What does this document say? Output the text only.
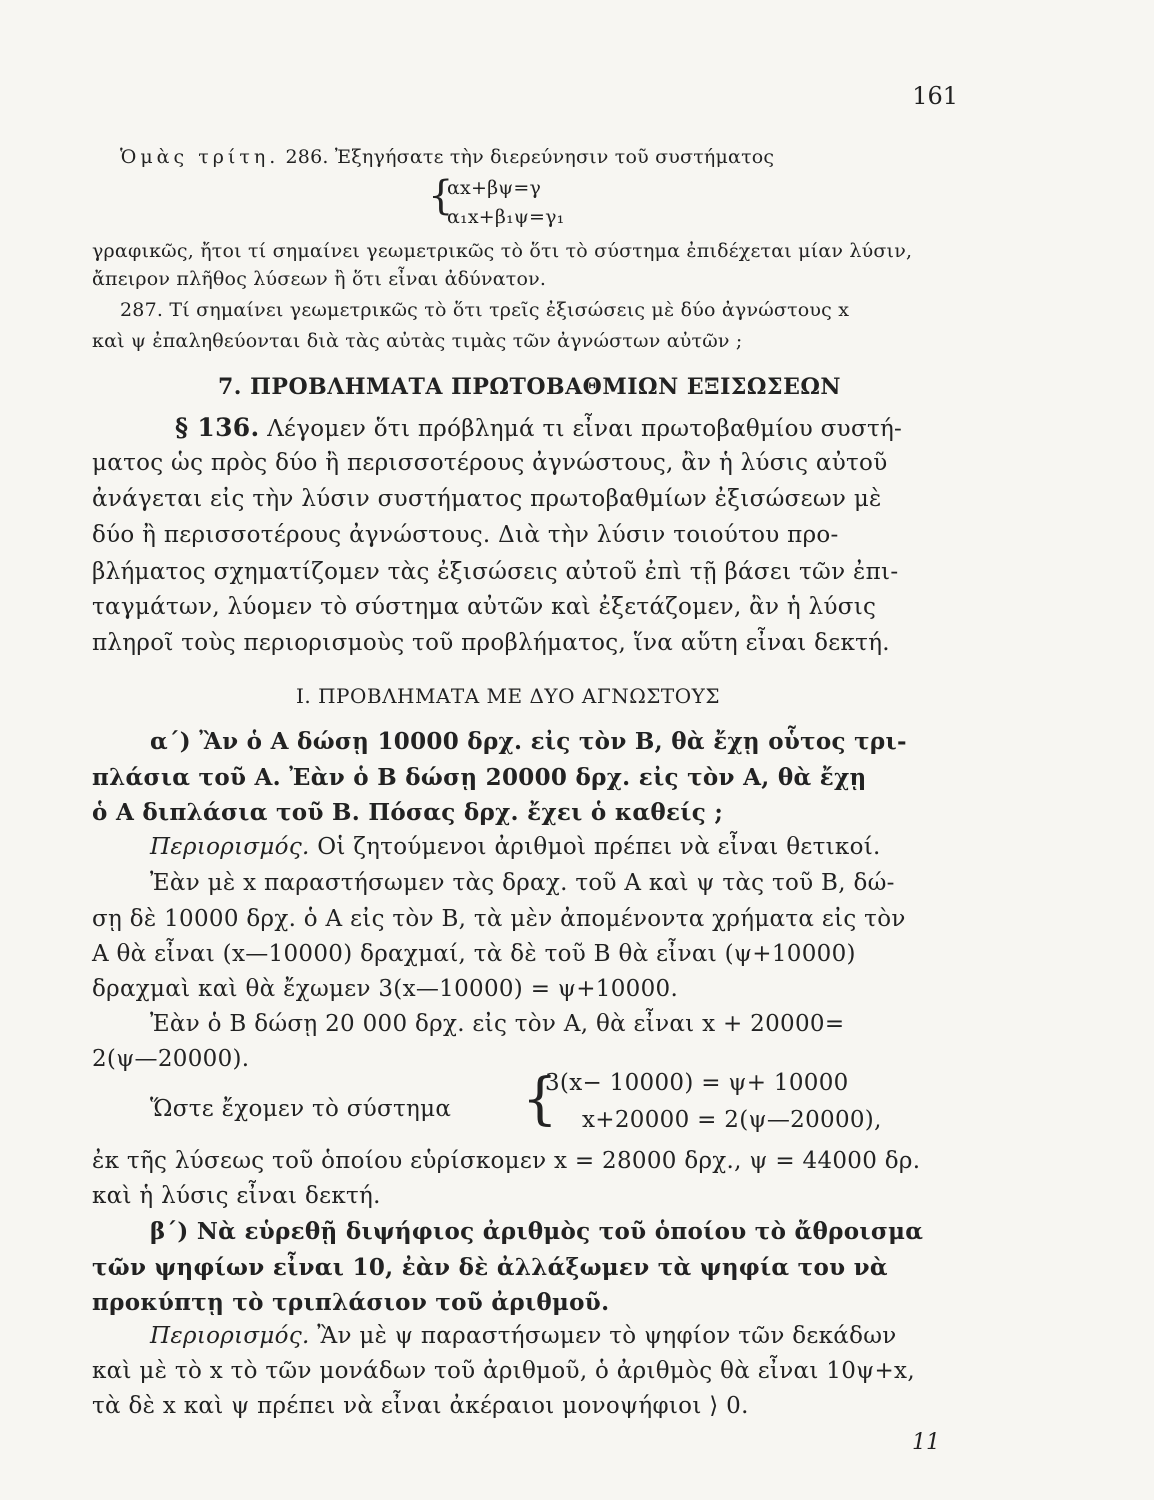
161
Ὁμὰς τρίτη. 286. Ἐξηγήσατε τὴν διερεύνησιν τοῦ συστήματος
{
αx+βψ=γ
α₁x+β₁ψ=γ₁
γραφικῶς, ἤτοι τί σημαίνει γεωμετρικῶς τὸ ὅτι τὸ σύστημα ἐπιδέχεται μίαν λύσιν,
ἄπειρον πλῆθος λύσεων ἢ ὅτι εἶναι ἀδύνατον.
287. Τί σημαίνει γεωμετρικῶς τὸ ὅτι τρεῖς ἐξισώσεις μὲ δύο ἀγνώστους x
καὶ ψ ἐπαληθεύονται διὰ τὰς αὐτὰς τιμὰς τῶν ἀγνώστων αὐτῶν ;
7. ΠΡΟΒΛΗΜΑΤΑ ΠΡΩΤΟΒΑΘΜΙΩΝ ΕΞΙΣΩΣΕΩΝ
§ 136. Λέγομεν ὅτι πρόβλημά τι εἶναι πρωτοβαθμίου συστή-
ματος ὡς πρὸς δύο ἢ περισσοτέρους ἀγνώστους, ἂν ἡ λύσις αὐτοῦ
ἀνάγεται εἰς τὴν λύσιν συστήματος πρωτοβαθμίων ἐξισώσεων μὲ
δύο ἢ περισσοτέρους ἀγνώστους. Διὰ τὴν λύσιν τοιούτου προ-
βλήματος σχηματίζομεν τὰς ἐξισώσεις αὐτοῦ ἐπὶ τῇ βάσει τῶν ἐπι-
ταγμάτων, λύομεν τὸ σύστημα αὐτῶν καὶ ἐξετάζομεν, ἂν ἡ λύσις
πληροῖ τοὺς περιορισμοὺς τοῦ προβλήματος, ἵνα αὕτη εἶναι δεκτή.
Ι. ΠΡΟΒΛΗΜΑΤΑ ΜΕ ΔΥΟ ΑΓΝΩΣΤΟΥΣ
α΄) Ἂν ὁ Α δώσῃ 10000 δρχ. εἰς τὸν Β, θὰ ἔχῃ οὗτος τρι-
πλάσια τοῦ Α. Ἐὰν ὁ Β δώσῃ 20000 δρχ. εἰς τὸν Α, θὰ ἔχῃ
ὁ Α διπλάσια τοῦ Β. Πόσας δρχ. ἔχει ὁ καθείς ;
Περιορισμός. Οἱ ζητούμενοι ἀριθμοὶ πρέπει νὰ εἶναι θετικοί.
Ἐὰν μὲ x παραστήσωμεν τὰς δραχ. τοῦ Α καὶ ψ τὰς τοῦ Β, δώ-
σῃ δὲ 10000 δρχ. ὁ Α εἰς τὸν Β, τὰ μὲν ἀπομένοντα χρήματα εἰς τὸν
Α θὰ εἶναι (x—10000) δραχμαί, τὰ δὲ τοῦ Β θὰ εἶναι (ψ+10000)
δραχμαὶ καὶ θὰ ἔχωμεν 3(x—10000) = ψ+10000.
Ἐὰν ὁ Β δώσῃ 20 000 δρχ. εἰς τὸν Α, θὰ εἶναι x + 20000=
2(ψ—20000).
Ὥστε ἔχομεν τὸ σύστημα {
3(x− 10000) = ψ+ 10000
x+20000 = 2(ψ—20000),
ἐκ τῆς λύσεως τοῦ ὁποίου εὑρίσκομεν x = 28000 δρχ., ψ = 44000 δρ.
καὶ ἡ λύσις εἶναι δεκτή.
β΄) Νὰ εὑρεθῇ διψήφιος ἀριθμὸς τοῦ ὁποίου τὸ ἄθροισμα
τῶν ψηφίων εἶναι 10, ἐὰν δὲ ἀλλάξωμεν τὰ ψηφία του νὰ
προκύπτῃ τὸ τριπλάσιον τοῦ ἀριθμοῦ.
Περιορισμός. Ἂν μὲ ψ παραστήσωμεν τὸ ψηφίον τῶν δεκάδων
καὶ μὲ τὸ x τὸ τῶν μονάδων τοῦ ἀριθμοῦ, ὁ ἀριθμὸς θὰ εἶναι 10ψ+x,
τὰ δὲ x καὶ ψ πρέπει νὰ εἶναι ἀκέραιοι μονοψήφιοι ⟩ 0.
11
